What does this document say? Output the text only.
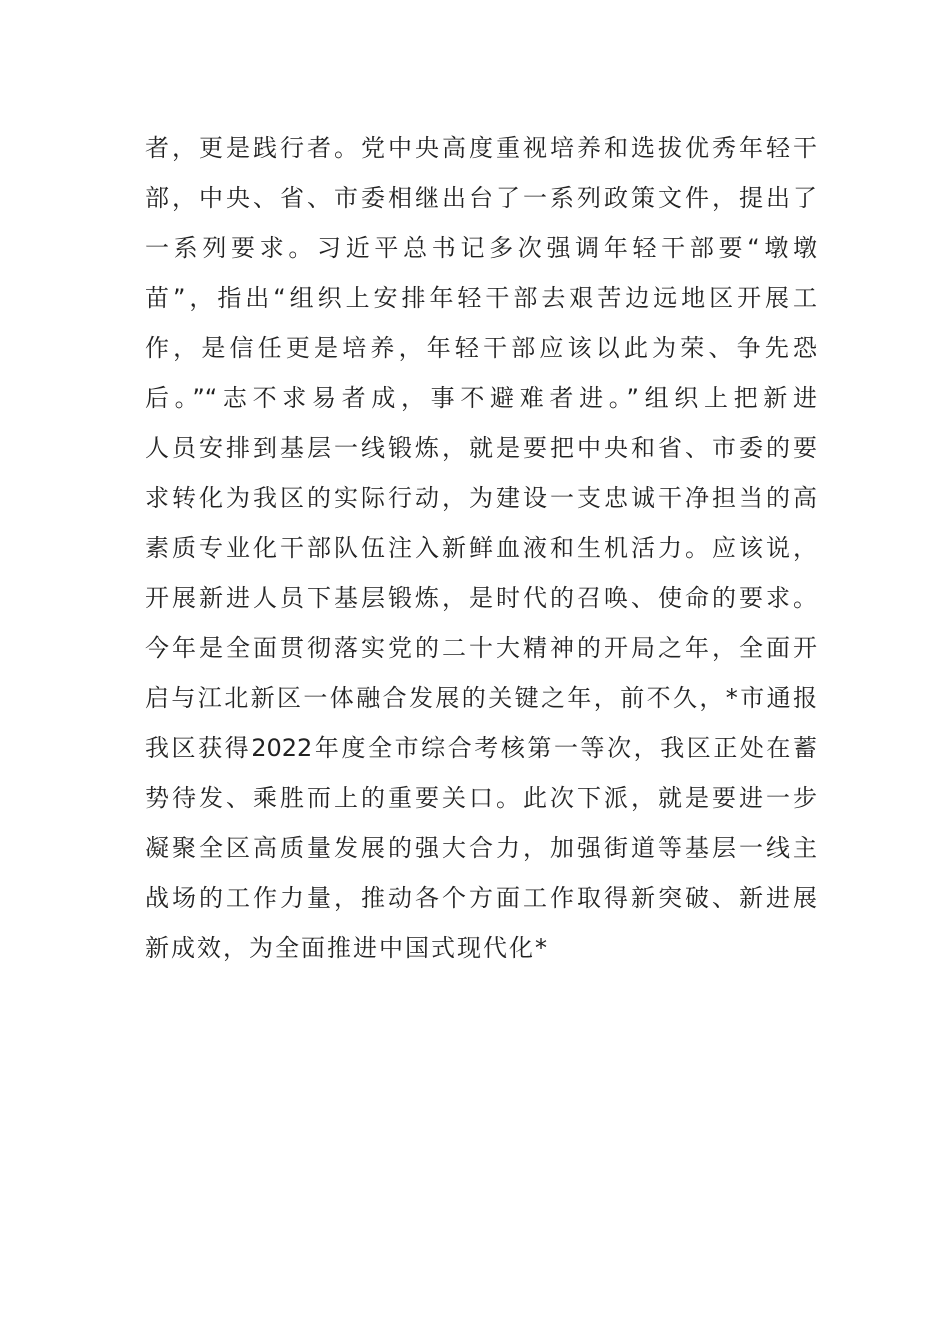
者，更是践行者。党中央高度重视培养和选拔优秀年轻干
部，中央、省、市委相继出台了一系列政策文件，提出了
一系列要求。习近平总书记多次强调年轻干部要“墩墩
苗”，指出“组织上安排年轻干部去艰苦边远地区开展工
作，是信任更是培养，年轻干部应该以此为荣、争先恐
后。”“志不求易者成，事不避难者进。”组织上把新进
人员安排到基层一线锻炼，就是要把中央和省、市委的要
求转化为我区的实际行动，为建设一支忠诚干净担当的高
素质专业化干部队伍注入新鲜血液和生机活力。应该说，
开展新进人员下基层锻炼，是时代的召唤、使命的要求。
今年是全面贯彻落实党的二十大精神的开局之年，全面开
启与江北新区一体融合发展的关键之年，前不久，*市通报
我区获得2022年度全市综合考核第一等次，我区正处在蓄
势待发、乘胜而上的重要关口。此次下派，就是要进一步
凝聚全区高质量发展的强大合力，加强街道等基层一线主
战场的工作力量，推动各个方面工作取得新突破、新进展
新成效，为全面推进中国式现代化*
